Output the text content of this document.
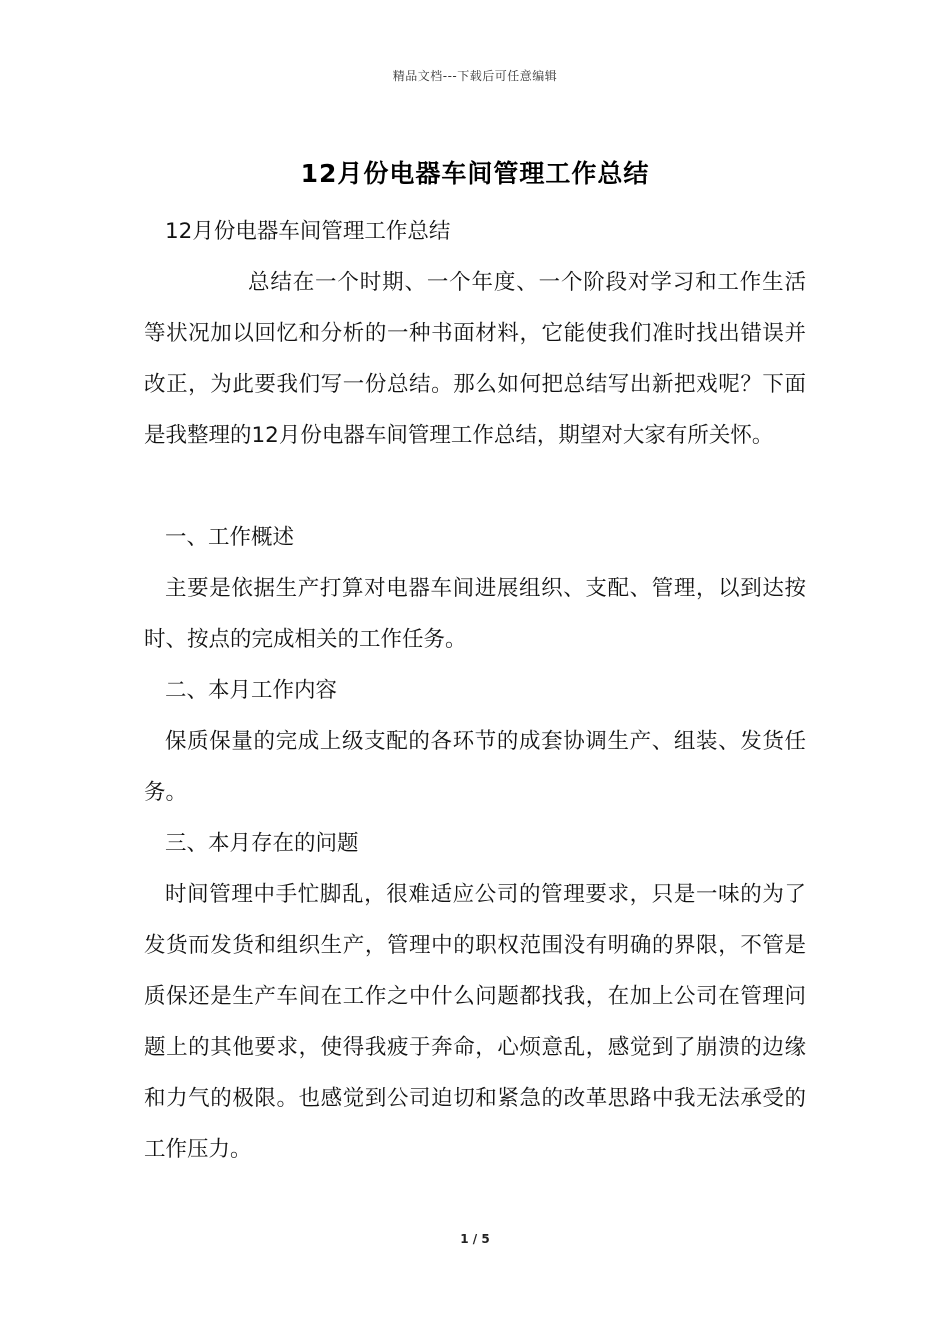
精品文档---下载后可任意编辑
12月份电器车间管理工作总结

12月份电器车间管理工作总结

总结在一个时期、一个年度、一个阶段对学习和工作生活等状况加以回忆和分析的一种书面材料，它能使我们准时找出错误并改正，为此要我们写一份总结。那么如何把总结写出新把戏呢？下面是我整理的12月份电器车间管理工作总结，期望对大家有所关怀。

一、工作概述

主要是依据生产打算对电器车间进展组织、支配、管理，以到达按时、按点的完成相关的工作任务。

二、本月工作内容

保质保量的完成上级支配的各环节的成套协调生产、组装、发货任务。

三、本月存在的问题

时间管理中手忙脚乱，很难适应公司的管理要求，只是一味的为了发货而发货和组织生产，管理中的职权范围没有明确的界限，不管是质保还是生产车间在工作之中什么问题都找我，在加上公司在管理问题上的其他要求，使得我疲于奔命，心烦意乱，感觉到了崩溃的边缘和力气的极限。也感觉到公司迫切和紧急的改革思路中我无法承受的工作压力。

1 / 5
